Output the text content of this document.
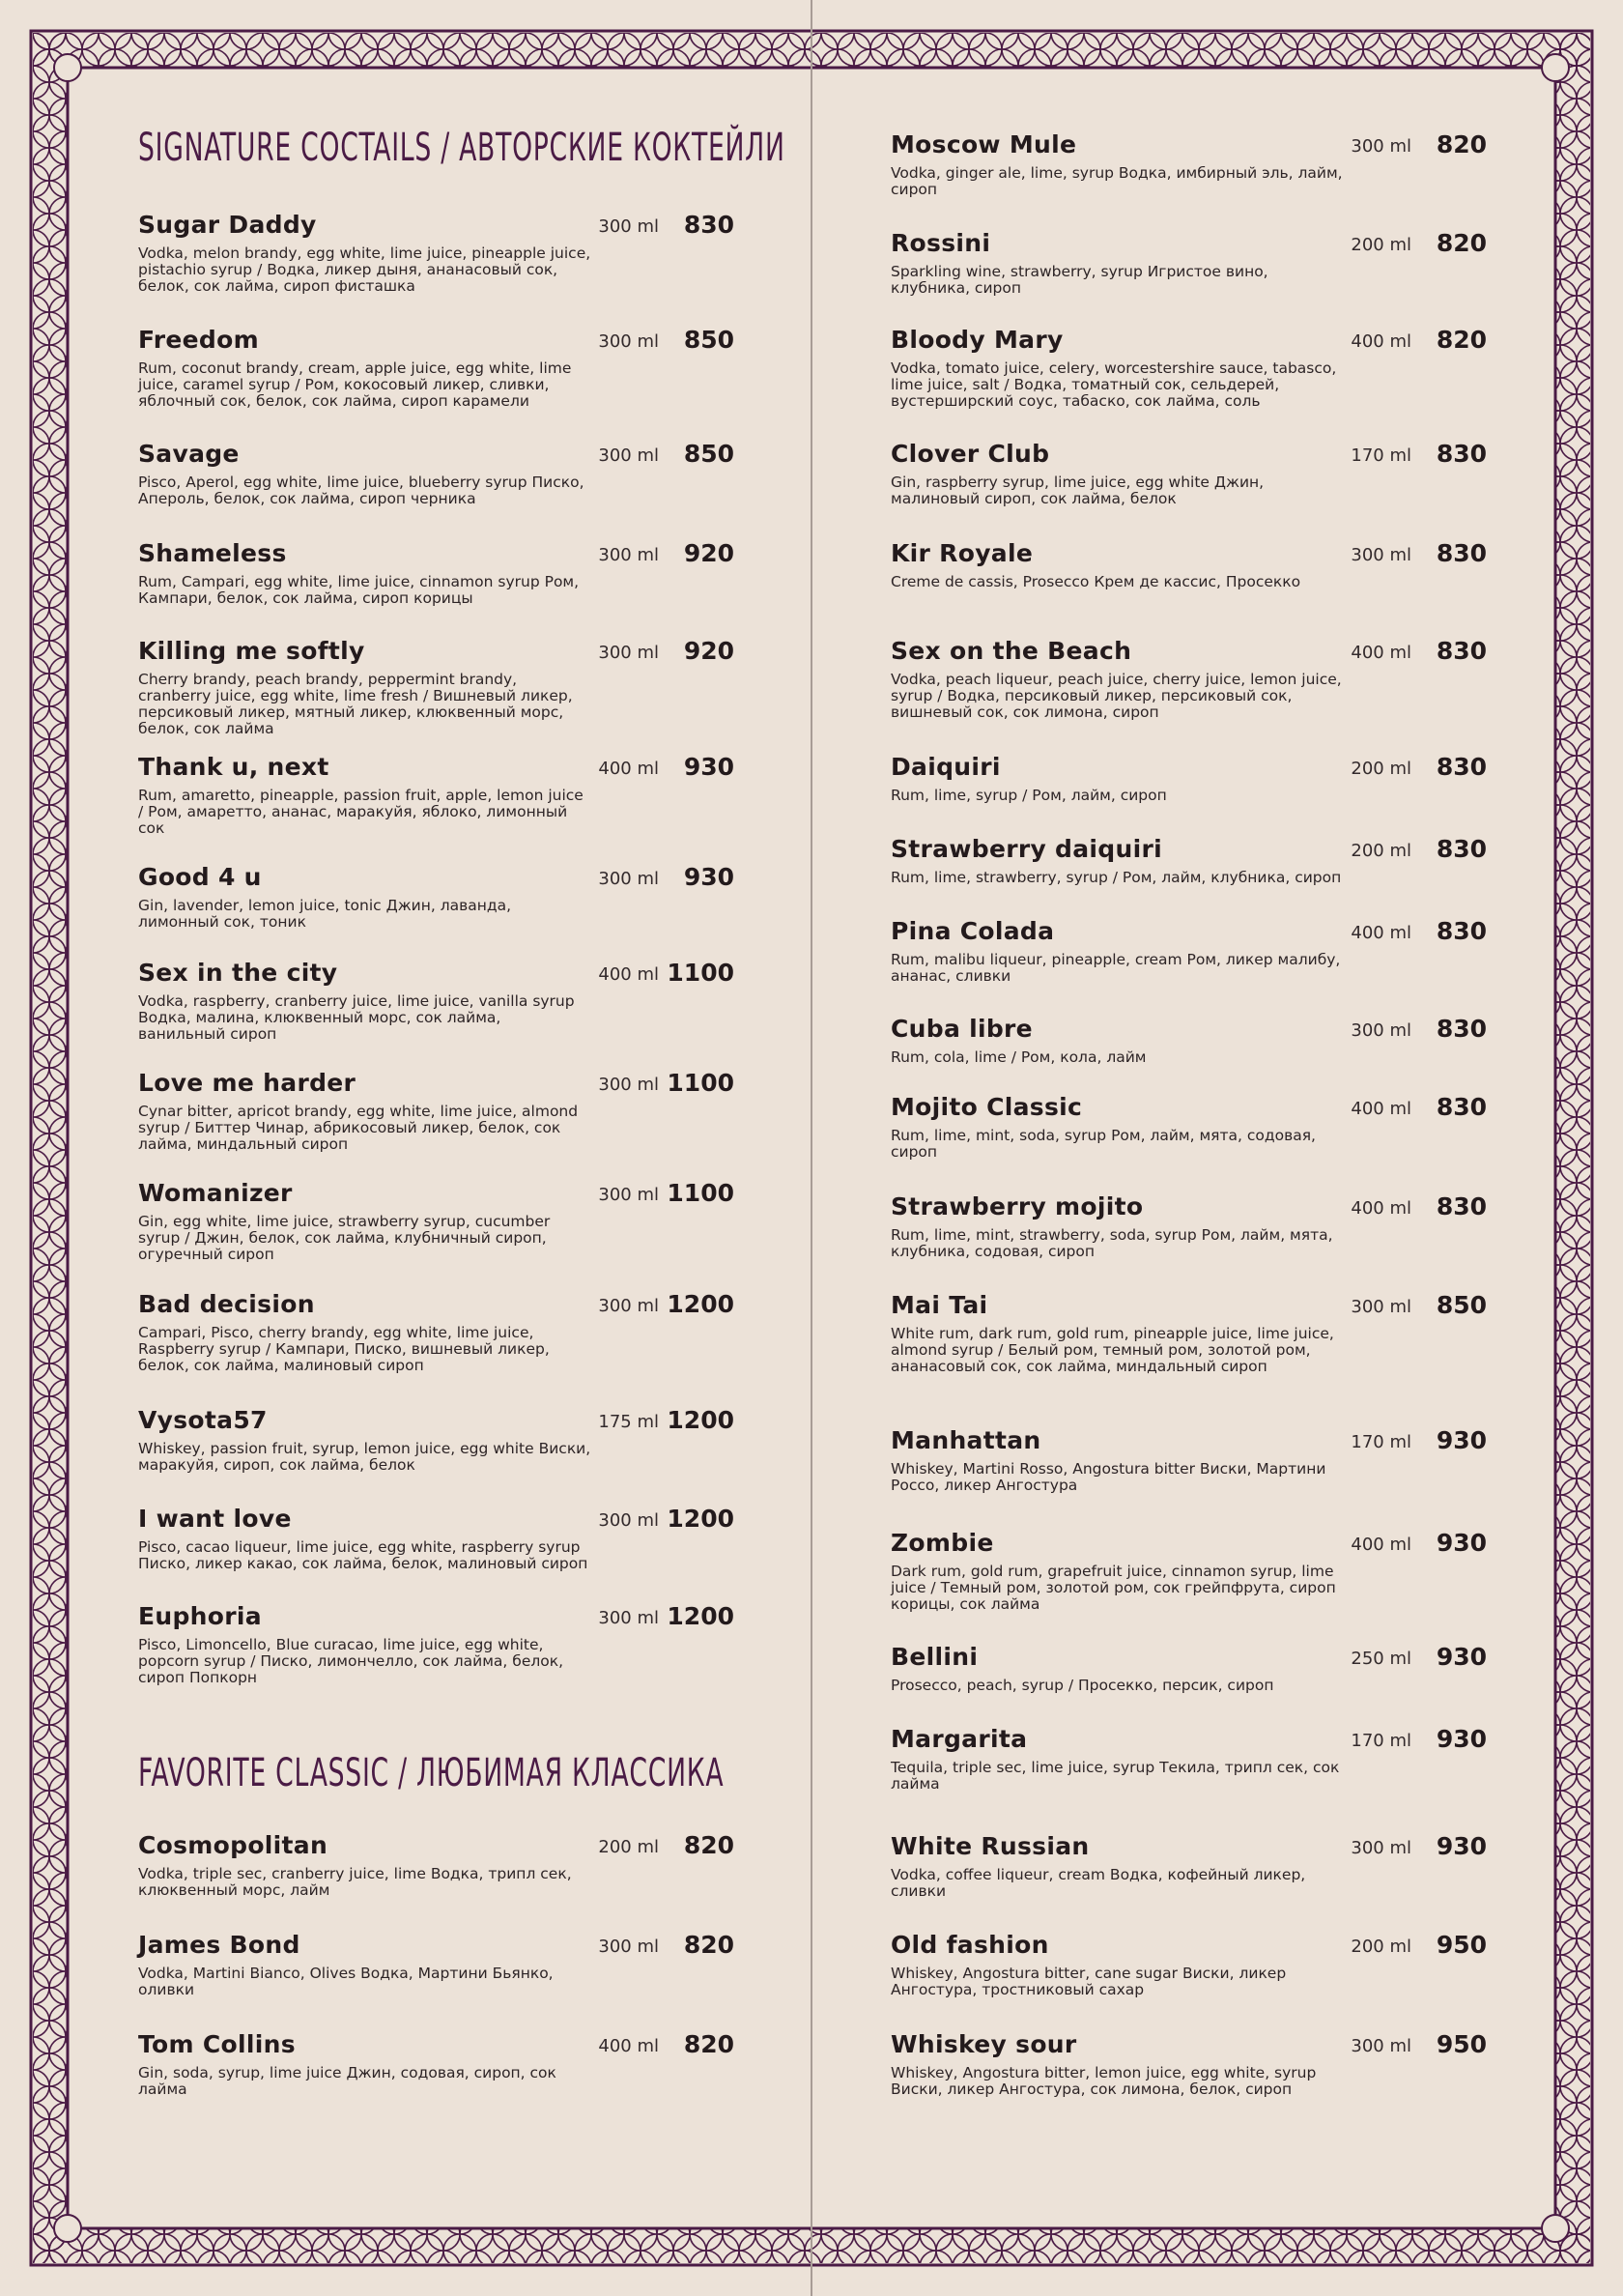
SIGNATURE COCTAILS / АВТОРСКИЕ КОКТЕЙЛИ
Sugar Daddy	300 ml 830
Vodka, melon brandy, egg white, lime juice, pineapple juice, pistachio syrup / Водка, ликер дыня, ананасовый сок, белок, сок лайма, сироп фисташка
Freedom	300 ml 850
Rum, coconut brandy, cream, apple juice, egg white, lime juice, caramel syrup / Ром, кокосовый ликер, сливки, яблочный сок, белок, сок лайма, сироп карамели
Savage	300 ml 850
Pisco, Aperol, egg white, lime juice, blueberry syrup Писко, Апероль, белок, сок лайма, сироп черника
Shameless	300 ml 920
Rum, Campari, egg white, lime juice, cinnamon syrup Ром, Кампари, белок, сок лайма, сироп корицы
Killing me softly	300 ml 920
Cherry brandy, peach brandy, peppermint brandy, cranberry juice, egg white, lime fresh / Вишневый ликер, персиковый ликер, мятный ликер, клюквенный морс, белок, сок лайма
Thank u, next	400 ml 930
Rum, amaretto, pineapple, passion fruit, apple, lemon juice / Ром, амаретто, ананас, маракуйя, яблоко, лимонный сок
Good 4 u	300 ml 930
Gin, lavender, lemon juice, tonic Джин, лаванда, лимонный сок, тоник
Sex in the city	400 ml 1100
Vodka, raspberry, cranberry juice, lime juice, vanilla syrup Водка, малина, клюквенный морс, сок лайма, ванильный сироп
Love me harder	300 ml 1100
Cynar bitter, apricot brandy, egg white, lime juice, almond syrup / Биттер Чинар, абрикосовый ликер, белок, сок лайма, миндальный сироп
Womanizer	300 ml 1100
Gin, egg white, lime juice, strawberry syrup, cucumber syrup / Джин, белок, сок лайма, клубничный сироп, огуречный сироп
Bad decision	300 ml 1200
Campari, Pisco, cherry brandy, egg white, lime juice, Raspberry syrup / Кампари, Писко, вишневый ликер, белок, сок лайма, малиновый сироп
Vysota57	175 ml 1200
Whiskey, passion fruit, syrup, lemon juice, egg white Виски, маракуйя, сироп, сок лайма, белок
I want love	300 ml 1200
Pisco, cacao liqueur, lime juice, egg white, raspberry syrup Писко, ликер какао, сок лайма, белок, малиновый сироп
Euphoria	300 ml 1200
Pisco, Limoncello, Blue curacao, lime juice, egg white, popcorn syrup / Писко, лимончелло, сок лайма, белок, сироп Попкорн
FAVORITE CLASSIC / ЛЮБИМАЯ КЛАССИКА
Cosmopolitan	200 ml 820
Vodka, triple sec, cranberry juice, lime Водка, трипл сек, клюквенный морс, лайм
James Bond	300 ml 820
Vodka, Martini Bianco, Olives Водка, Мартини Бьянко, оливки
Tom Collins	400 ml 820
Gin, soda, syrup, lime juice Джин, содовая, сироп, сок лайма
Moscow Mule	300 ml 820
Vodka, ginger ale, lime, syrup Водка, имбирный эль, лайм, сироп
Rossini	200 ml 820
Sparkling wine, strawberry, syrup Игристое вино, клубника, сироп
Bloody Mary	400 ml 820
Vodka, tomato juice, celery, worcestershire sauce, tabasco, lime juice, salt / Водка, томатный сок, сельдерей, вустерширский соус, табаско, сок лайма, соль
Clover Club	170 ml 830
Gin, raspberry syrup, lime juice, egg white Джин, малиновый сироп, сок лайма, белок
Kir Royale	300 ml 830
Creme de cassis, Prosecco Крем де кассис, Просекко
Sex on the Beach	400 ml 830
Vodka, peach liqueur, peach juice, cherry juice, lemon juice, syrup / Водка, персиковый ликер, персиковый сок, вишневый сок, сок лимона, сироп
Daiquiri	200 ml 830
Rum, lime, syrup / Ром, лайм, сироп
Strawberry daiquiri	200 ml 830
Rum, lime, strawberry, syrup / Ром, лайм, клубника, сироп
Pina Colada	400 ml 830
Rum, malibu liqueur, pineapple, cream Ром, ликер малибу, ананас, сливки
Cuba libre	300 ml 830
Rum, cola, lime / Ром, кола, лайм
Mojito Classic	400 ml 830
Rum, lime, mint, soda, syrup Ром, лайм, мята, содовая, сироп
Strawberry mojito	400 ml 830
Rum, lime, mint, strawberry, soda, syrup Ром, лайм, мята, клубника, содовая, сироп
Mai Tai	300 ml 850
White rum, dark rum, gold rum, pineapple juice, lime juice, almond syrup / Белый ром, темный ром, золотой ром, ананасовый сок, сок лайма, миндальный сироп
Manhattan	170 ml 930
Whiskey, Martini Rosso, Angostura bitter Виски, Мартини Россо, ликер Ангостура
Zombie	400 ml 930
Dark rum, gold rum, grapefruit juice, cinnamon syrup, lime juice / Темный ром, золотой ром, сок грейпфрута, сироп корицы, сок лайма
Bellini	250 ml 930
Prosecco, peach, syrup / Просекко, персик, сироп
Margarita	170 ml 930
Tequila, triple sec, lime juice, syrup Текила, трипл сек, сок лайма
White Russian	300 ml 930
Vodka, coffee liqueur, cream Водка, кофейный ликер, сливки
Old fashion	200 ml 950
Whiskey, Angostura bitter, cane sugar Виски, ликер Ангостура, тростниковый сахар
Whiskey sour	300 ml 950
Whiskey, Angostura bitter, lemon juice, egg white, syrup Виски, ликер Ангостура, сок лимона, белок, сироп
